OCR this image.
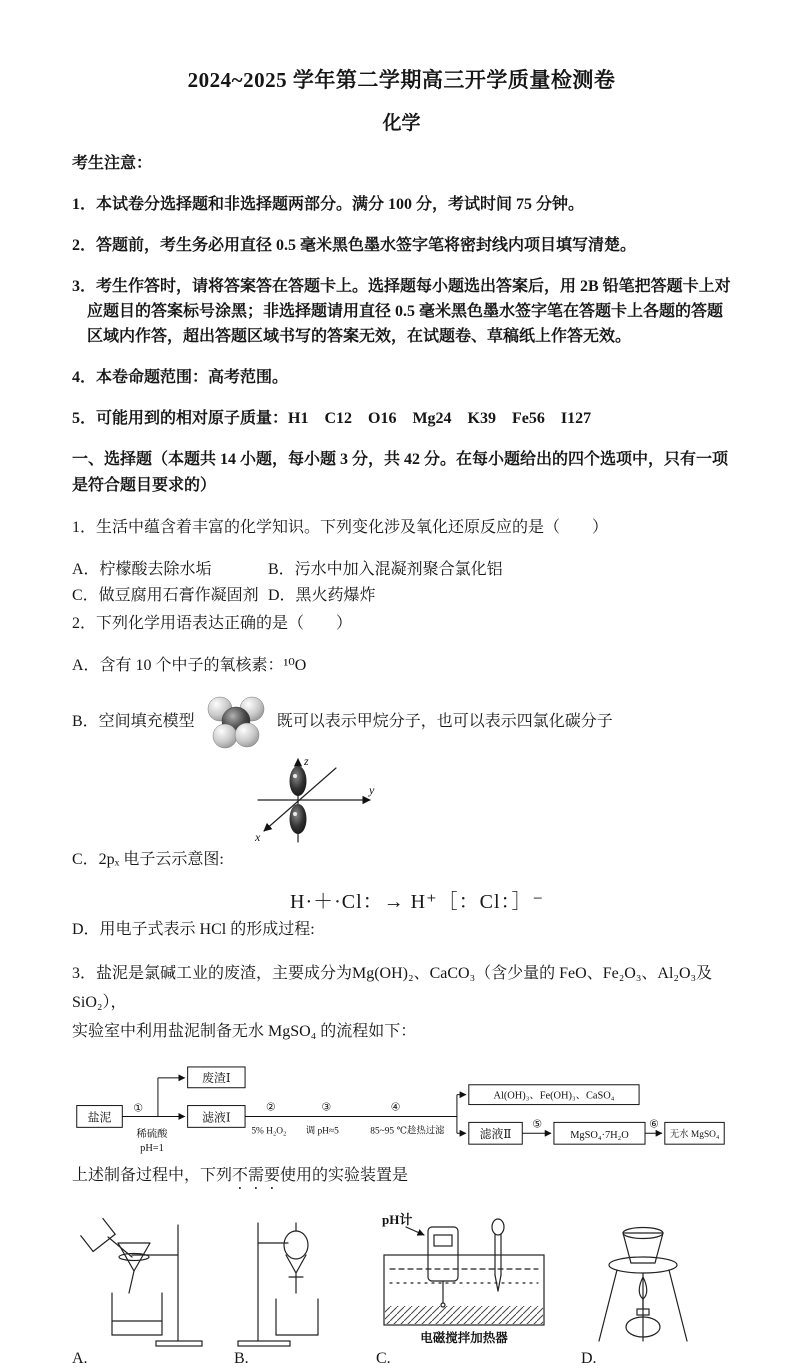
2024~2025 学年第二学期高三开学质量检测卷
化学

考生注意：

1．本试卷分选择题和非选择题两部分。满分 100 分，考试时间 75 分钟。

2．答题前，考生务必用直径 0.5 毫米黑色墨水签字笔将密封线内项目填写清楚。

3．考生作答时，请将答案答在答题卡上。选择题每小题选出答案后，用 2B 铅笔把答题卡上对应题目的答案标号涂黑；非选择题请用直径 0.5 毫米黑色墨水签字笔在答题卡上各题的答题区域内作答，超出答题区域书写的答案无效，在试题卷、草稿纸上作答无效。

4．本卷命题范围：高考范围。

5．可能用到的相对原子质量：H1　C12　O16　Mg24　K39　Fe56　I127

一、选择题（本题共 14 小题，每小题 3 分，共 42 分。在每小题给出的四个选项中，只有一项是符合题目要求的）

1．生活中蕴含着丰富的化学知识。下列变化涉及氧化还原反应的是（　　）

A．柠檬酸去除水垢	B．污水中加入混凝剂聚合氯化铝
C．做豆腐用石膏作凝固剂 D．黑火药爆炸

2．下列化学用语表达正确的是（　　）

A．含有 10 个中子的氧核素：¹⁰O

B．空间填充模型	既可以表示甲烷分子，也可以表示四氯化碳分子
z
y
x

C．2pₓ 电子云示意图:

H·＋·Cl：→ H⁺［：Cl：］⁻

D．用电子式表示 HCl 的形成过程:

3．盐泥是氯碱工业的废渣，主要成分为Mg(OH)₂、CaCO₃（含少量的 FeO、Fe₂O₃、Al₂O₃及SiO₂），
实验室中利用盐泥制备无水 MgSO₄ 的流程如下：

盐泥
①
稀硫酸
pH=1
废渣Ⅰ
滤液Ⅰ
②	③	④
5% H₂O₂ 调 pH≈5	85~95 ℃趁热过滤
Al(OH)₃、Fe(OH)₃、CaSO₄
滤液Ⅱ
⑤
MgSO₄·7H₂O
⑥
无水 MgSO₄

上述制备过程中，下列不需要使用的实验装置是

A.	B.
pH计
电磁搅拌加热器
C.	D.
